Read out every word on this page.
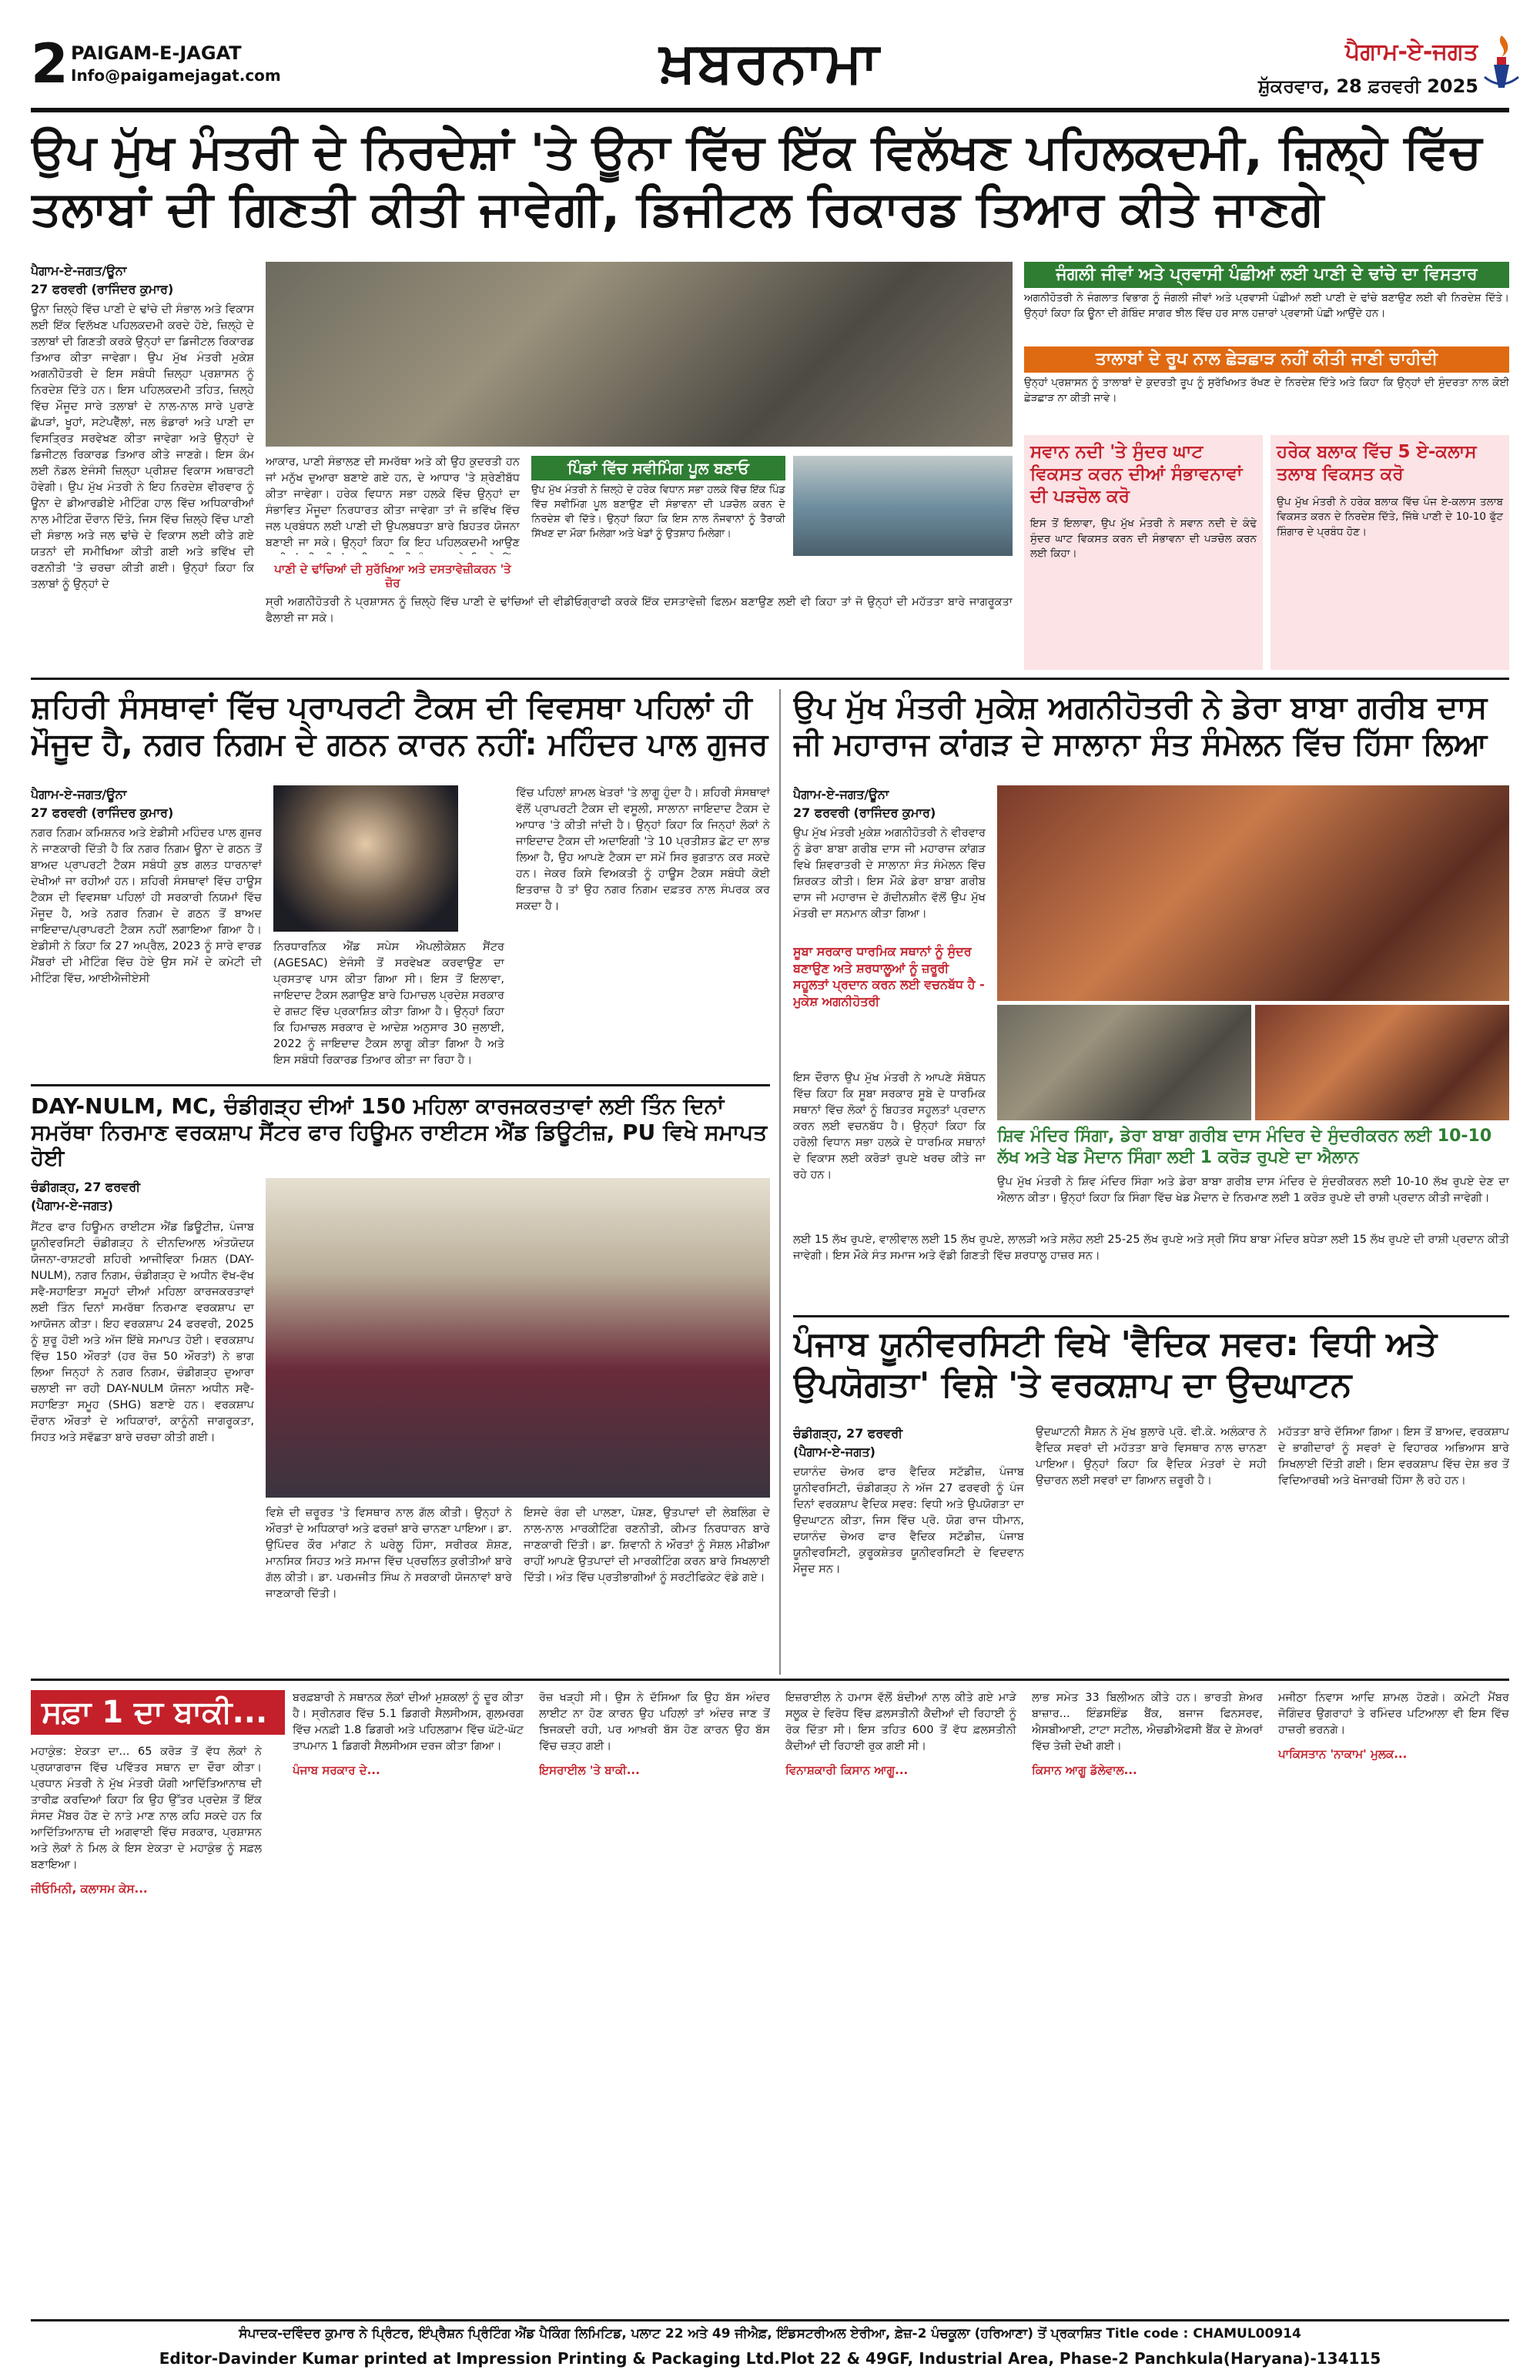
2 PAIGAM-E-JAGAT
Info@paigamejagat.com	ਖ਼ਬਰਨਾਮਾ	ਪੈਗਾਮ-ਏ-ਜਗਤ
ਸ਼ੁੱਕਰਵਾਰ, 28 ਫ਼ਰਵਰੀ 2025
ਉਪ ਮੁੱਖ ਮੰਤਰੀ ਦੇ ਨਿਰਦੇਸ਼ਾਂ 'ਤੇ ਊਨਾ ਵਿੱਚ ਇੱਕ ਵਿਲੱਖਣ ਪਹਿਲਕਦਮੀ, ਜ਼ਿਲ੍ਹੇ ਵਿੱਚ ਤਲਾਬਾਂ ਦੀ ਗਿਣਤੀ ਕੀਤੀ ਜਾਵੇਗੀ, ਡਿਜੀਟਲ ਰਿਕਾਰਡ ਤਿਆਰ ਕੀਤੇ ਜਾਣਗੇ
ਪੈਗਾਮ-ਏ-ਜਗਤ/ਊਨਾ
27 ਫਰਵਰੀ (ਰਾਜਿੰਦਰ ਕੁਮਾਰ)
ਊਨਾ ਜ਼ਿਲ੍ਹੇ ਵਿੱਚ ਪਾਣੀ ਦੇ ਢਾਂਚੇ ਦੀ ਸੰਭਾਲ ਅਤੇ ਵਿਕਾਸ ਲਈ ਇੱਕ ਵਿਲੱਖਣ ਪਹਿਲਕਦਮੀ ਕਰਦੇ ਹੋਏ, ਜ਼ਿਲ੍ਹੇ ਦੇ ਤਲਾਬਾਂ ਦੀ ਗਿਣਤੀ ਕਰਕੇ ਉਨ੍ਹਾਂ ਦਾ ਡਿਜੀਟਲ ਰਿਕਾਰਡ ਤਿਆਰ ਕੀਤਾ ਜਾਵੇਗਾ। ਉਪ ਮੁੱਖ ਮੰਤਰੀ ਮੁਕੇਸ਼ ਅਗਨੀਹੋਤਰੀ ਦੇ ਇਸ ਸਬੰਧੀ ਜ਼ਿਲ੍ਹਾ ਪ੍ਰਸ਼ਾਸਨ ਨੂੰ ਨਿਰਦੇਸ਼ ਦਿੱਤੇ ਹਨ। ਇਸ ਪਹਿਲਕਦਮੀ ਤਹਿਤ, ਜ਼ਿਲ੍ਹੇ ਵਿੱਚ ਮੌਜੂਦ ਸਾਰੇ ਤਲਾਬਾਂ ਦੇ ਨਾਲ-ਨਾਲ ਸਾਰੇ ਪੁਰਾਣੇ ਛੱਪੜਾਂ, ਖੂਹਾਂ, ਸਟੇਪਵੈੱਲਾਂ, ਜਲ ਭੰਡਾਰਾਂ ਅਤੇ ਪਾਣੀ ਦਾ ਵਿਸਤ੍ਰਿਤ ਸਰਵੇਖਣ ਕੀਤਾ ਜਾਵੇਗਾ ਅਤੇ ਉਨ੍ਹਾਂ ਦੇ ਡਿਜੀਟਲ ਰਿਕਾਰਡ ਤਿਆਰ ਕੀਤੇ ਜਾਣਗੇ। ਇਸ ਕੰਮ ਲਈ ਨੋਡਲ ਏਜੰਸੀ ਜ਼ਿਲ੍ਹਾ ਪ੍ਰੀਸ਼ਦ ਵਿਕਾਸ ਅਥਾਰਟੀ ਹੋਵੇਗੀ। ਉਪ ਮੁੱਖ ਮੰਤਰੀ ਨੇ ਇਹ ਨਿਰਦੇਸ਼ ਵੀਰਵਾਰ ਨੂੰ ਊਨਾ ਦੇ ਡੀਆਰਡੀਏ ਮੀਟਿੰਗ ਹਾਲ ਵਿੱਚ ਅਧਿਕਾਰੀਆਂ ਨਾਲ ਮੀਟਿੰਗ ਦੌਰਾਨ ਦਿੱਤੇ, ਜਿਸ ਵਿੱਚ ਜ਼ਿਲ੍ਹੇ ਵਿੱਚ ਪਾਣੀ ਦੀ ਸੰਭਾਲ ਅਤੇ ਜਲ ਢਾਂਚੇ ਦੇ ਵਿਕਾਸ ਲਈ ਕੀਤੇ ਗਏ ਯਤਨਾਂ ਦੀ ਸਮੀਖਿਆ ਕੀਤੀ ਗਈ ਅਤੇ ਭਵਿੱਖ ਦੀ ਰਣਨੀਤੀ 'ਤੇ ਚਰਚਾ ਕੀਤੀ ਗਈ। ਉਨ੍ਹਾਂ ਕਿਹਾ ਕਿ ਤਲਾਬਾਂ ਨੂੰ ਉਨ੍ਹਾਂ ਦੇ
ਆਕਾਰ, ਪਾਣੀ ਸੰਭਾਲਣ ਦੀ ਸਮਰੱਥਾ ਅਤੇ ਕੀ ਉਹ ਕੁਦਰਤੀ ਹਨ ਜਾਂ ਮਨੁੱਖ ਦੁਆਰਾ ਬਣਾਏ ਗਏ ਹਨ, ਦੇ ਆਧਾਰ 'ਤੇ ਸ਼੍ਰੇਣੀਬੱਧ ਕੀਤਾ ਜਾਵੇਗਾ। ਹਰੇਕ ਵਿਧਾਨ ਸਭਾ ਹਲਕੇ ਵਿੱਚ ਉਨ੍ਹਾਂ ਦਾ ਸੰਭਾਵਿਤ ਮੌਜੂਦਾ ਨਿਰਧਾਰਤ ਕੀਤਾ ਜਾਵੇਗਾ ਤਾਂ ਜੋ ਭਵਿੱਖ ਵਿੱਚ ਜਲ ਪ੍ਰਬੰਧਨ ਲਈ ਪਾਣੀ ਦੀ ਉਪਲਬਧਤਾ ਬਾਰੇ ਬਿਹਤਰ ਯੋਜਨਾ ਬਣਾਈ ਜਾ ਸਕੇ। ਉਨ੍ਹਾਂ ਕਿਹਾ ਕਿ ਇਹ ਪਹਿਲਕਦਮੀ ਆਉਣ
ਪਿੰਡਾਂ ਵਿੱਚ ਸਵੀਮਿੰਗ ਪੂਲ ਬਣਾਓ
ਉਪ ਮੁੱਖ ਮੰਤਰੀ ਨੇ ਜ਼ਿਲ੍ਹੇ ਦੇ ਹਰੇਕ ਵਿਧਾਨ ਸਭਾ ਹਲਕੇ ਵਿੱਚ ਇੱਕ ਪਿੰਡ ਵਿੱਚ ਸਵੀਮਿੰਗ ਪੂਲ ਬਣਾਉਣ ਦੀ ਸੰਭਾਵਨਾ ਦੀ ਪੜਚੋਲ ਕਰਨ ਦੇ ਨਿਰਦੇਸ਼ ਵੀ ਦਿੱਤੇ। ਉਨ੍ਹਾਂ ਕਿਹਾ ਕਿ ਇਸ ਨਾਲ ਨੌਜਵਾਨਾਂ ਨੂੰ ਤੈਰਾਕੀ ਸਿੱਖਣ ਦਾ ਮੌਕਾ ਮਿਲੇਗਾ ਅਤੇ ਖੇਡਾਂ ਨੂੰ ਉਤਸ਼ਾਹ ਮਿਲੇਗਾ।
ਪਾਣੀ ਦੇ ਢਾਂਚਿਆਂ ਦੀ ਸੁਰੱਖਿਆ ਅਤੇ ਦਸਤਾਵੇਜ਼ੀਕਰਨ 'ਤੇ ਜ਼ੋਰ
ਸ੍ਰੀ ਅਗਨੀਹੋਤਰੀ ਨੇ ਪ੍ਰਸ਼ਾਸਨ ਨੂੰ ਜ਼ਿਲ੍ਹੇ ਵਿੱਚ ਪਾਣੀ ਦੇ ਢਾਂਚਿਆਂ ਦੀ ਵੀਡੀਓਗ੍ਰਾਫੀ ਕਰਕੇ ਇੱਕ ਦਸਤਾਵੇਜ਼ੀ ਫਿਲਮ ਬਣਾਉਣ ਲਈ ਵੀ ਕਿਹਾ ਤਾਂ ਜੋ ਉਨ੍ਹਾਂ ਦੀ ਮਹੱਤਤਾ ਬਾਰੇ ਜਾਗਰੂਕਤਾ ਫੈਲਾਈ ਜਾ ਸਕੇ।
ਜੰਗਲੀ ਜੀਵਾਂ ਅਤੇ ਪ੍ਰਵਾਸੀ ਪੰਛੀਆਂ ਲਈ ਪਾਣੀ ਦੇ ਢਾਂਚੇ ਦਾ ਵਿਸਤਾਰ
ਅਗਨੀਹੋਤਰੀ ਨੇ ਜੰਗਲਾਤ ਵਿਭਾਗ ਨੂੰ ਜੰਗਲੀ ਜੀਵਾਂ ਅਤੇ ਪ੍ਰਵਾਸੀ ਪੰਛੀਆਂ ਲਈ ਪਾਣੀ ਦੇ ਢਾਂਚੇ ਬਣਾਉਣ ਲਈ ਵੀ ਨਿਰਦੇਸ਼ ਦਿੱਤੇ। ਉਨ੍ਹਾਂ ਕਿਹਾ ਕਿ ਊਨਾ ਦੀ ਗੋਬਿੰਦ ਸਾਗਰ ਝੀਲ ਵਿੱਚ ਹਰ ਸਾਲ ਹਜ਼ਾਰਾਂ ਪ੍ਰਵਾਸੀ ਪੰਛੀ ਆਉਂਦੇ ਹਨ।
ਤਾਲਾਬਾਂ ਦੇ ਰੂਪ ਨਾਲ ਛੇੜਛਾੜ ਨਹੀਂ ਕੀਤੀ ਜਾਣੀ ਚਾਹੀਦੀ
ਉਨ੍ਹਾਂ ਪ੍ਰਸ਼ਾਸਨ ਨੂੰ ਤਾਲਾਬਾਂ ਦੇ ਕੁਦਰਤੀ ਰੂਪ ਨੂੰ ਸੁਰੱਖਿਅਤ ਰੱਖਣ ਦੇ ਨਿਰਦੇਸ਼ ਦਿੱਤੇ ਅਤੇ ਕਿਹਾ ਕਿ ਉਨ੍ਹਾਂ ਦੀ ਸੁੰਦਰਤਾ ਨਾਲ ਕੋਈ ਛੇੜਛਾੜ ਨਾ ਕੀਤੀ ਜਾਵੇ।
ਸਵਾਨ ਨਦੀ 'ਤੇ ਸੁੰਦਰ ਘਾਟ ਵਿਕਸਤ ਕਰਨ ਦੀਆਂ ਸੰਭਾਵਨਾਵਾਂ ਦੀ ਪੜਚੋਲ ਕਰੋ
ਇਸ ਤੋਂ ਇਲਾਵਾ, ਉਪ ਮੁੱਖ ਮੰਤਰੀ ਨੇ ਸਵਾਨ ਨਦੀ ਦੇ ਕੰਢੇ ਸੁੰਦਰ ਘਾਟ ਵਿਕਸਤ ਕਰਨ ਦੀ ਸੰਭਾਵਨਾ ਦੀ ਪੜਚੋਲ ਕਰਨ ਲਈ ਕਿਹਾ।
ਹਰੇਕ ਬਲਾਕ ਵਿੱਚ 5 ਏ-ਕਲਾਸ ਤਲਾਬ ਵਿਕਸਤ ਕਰੋ
ਉਪ ਮੁੱਖ ਮੰਤਰੀ ਨੇ ਹਰੇਕ ਬਲਾਕ ਵਿੱਚ ਪੰਜ ਏ-ਕਲਾਸ ਤਲਾਬ ਵਿਕਸਤ ਕਰਨ ਦੇ ਨਿਰਦੇਸ਼ ਦਿੱਤੇ, ਜਿੱਥੇ ਪਾਣੀ ਦੇ 10-10 ਫੁੱਟ ਸ਼ਿੰਗਾਰ ਦੇ ਪ੍ਰਬੰਧ ਹੋਣ।
ਸ਼ਹਿਰੀ ਸੰਸਥਾਵਾਂ ਵਿੱਚ ਪ੍ਰਾਪਰਟੀ ਟੈਕਸ ਦੀ ਵਿਵਸਥਾ ਪਹਿਲਾਂ ਹੀ ਮੌਜੂਦ ਹੈ, ਨਗਰ ਨਿਗਮ ਦੇ ਗਠਨ ਕਾਰਨ ਨਹੀਂ: ਮਹਿੰਦਰ ਪਾਲ ਗੁਜਰ
ਪੈਗਾਮ-ਏ-ਜਗਤ/ਊਨਾ
27 ਫਰਵਰੀ (ਰਾਜਿੰਦਰ ਕੁਮਾਰ)
ਨਗਰ ਨਿਗਮ ਕਮਿਸ਼ਨਰ ਅਤੇ ਏਡੀਸੀ ਮਹਿੰਦਰ ਪਾਲ ਗੁਜਰ ਨੇ ਜਾਣਕਾਰੀ ਦਿੱਤੀ ਹੈ ਕਿ ਨਗਰ ਨਿਗਮ ਊਨਾ ਦੇ ਗਠਨ ਤੋਂ ਬਾਅਦ ਪ੍ਰਾਪਰਟੀ ਟੈਕਸ ਸਬੰਧੀ ਕੁਝ ਗਲਤ ਧਾਰਨਾਵਾਂ ਦੇਖੀਆਂ ਜਾ ਰਹੀਆਂ ਹਨ। ਸ਼ਹਿਰੀ ਸੰਸਥਾਵਾਂ ਵਿੱਚ ਹਾਊਸ ਟੈਕਸ ਦੀ ਵਿਵਸਥਾ ਪਹਿਲਾਂ ਹੀ ਸਰਕਾਰੀ ਨਿਯਮਾਂ ਵਿੱਚ ਮੌਜੂਦ ਹੈ, ਅਤੇ ਨਗਰ ਨਿਗਮ ਦੇ ਗਠਨ ਤੋਂ ਬਾਅਦ ਜਾਇਦਾਦ/ਪ੍ਰਾਪਰਟੀ ਟੈਕਸ ਨਹੀਂ ਲਗਾਇਆ ਗਿਆ ਹੈ। ਏਡੀਸੀ ਨੇ ਕਿਹਾ ਕਿ 27 ਅਪ੍ਰੈਲ, 2023 ਨੂੰ ਸਾਰੇ ਵਾਰਡ ਮੈਂਬਰਾਂ ਦੀ ਮੀਟਿੰਗ ਵਿੱਚ ਹੋਏ ਉਸ ਸਮੇਂ ਦੇ ਕਮੇਟੀ ਦੀ ਮੀਟਿੰਗ ਵਿੱਚ, ਆਈਐਜੀਏਸੀ
ਨਿਰਧਾਰਨਿਕ ਐਂਡ ਸਪੇਸ ਐਪਲੀਕੇਸ਼ਨ ਸੈਂਟਰ (AGESAC) ਏਜੰਸੀ ਤੋਂ ਸਰਵੇਖਣ ਕਰਵਾਉਣ ਦਾ ਪ੍ਰਸਤਾਵ ਪਾਸ ਕੀਤਾ ਗਿਆ ਸੀ। ਇਸ ਤੋਂ ਇਲਾਵਾ, ਜਾਇਦਾਦ ਟੈਕਸ ਲਗਾਉਣ ਬਾਰੇ ਹਿਮਾਚਲ ਪ੍ਰਦੇਸ਼ ਸਰਕਾਰ ਦੇ ਗਜ਼ਟ ਵਿੱਚ ਪ੍ਰਕਾਸ਼ਿਤ ਕੀਤਾ ਗਿਆ ਹੈ। ਉਨ੍ਹਾਂ ਕਿਹਾ ਕਿ ਹਿਮਾਚਲ ਸਰਕਾਰ ਦੇ ਆਦੇਸ਼ ਅਨੁਸਾਰ 30 ਜੁਲਾਈ, 2022 ਨੂੰ ਜਾਇਦਾਦ ਟੈਕਸ ਲਾਗੂ ਕੀਤਾ ਗਿਆ ਹੈ ਅਤੇ ਇਸ ਸਬੰਧੀ ਰਿਕਾਰਡ ਤਿਆਰ ਕੀਤਾ ਜਾ ਰਿਹਾ ਹੈ।
ਵਿੱਚ ਪਹਿਲਾਂ ਸ਼ਾਮਲ ਖੇਤਰਾਂ 'ਤੇ ਲਾਗੂ ਹੁੰਦਾ ਹੈ। ਸ਼ਹਿਰੀ ਸੰਸਥਾਵਾਂ ਵੱਲੋਂ ਪ੍ਰਾਪਰਟੀ ਟੈਕਸ ਦੀ ਵਸੂਲੀ, ਸਾਲਾਨਾ ਜਾਇਦਾਦ ਟੈਕਸ ਦੇ ਆਧਾਰ 'ਤੇ ਕੀਤੀ ਜਾਂਦੀ ਹੈ। ਉਨ੍ਹਾਂ ਕਿਹਾ ਕਿ ਜਿਨ੍ਹਾਂ ਲੋਕਾਂ ਨੇ ਜਾਇਦਾਦ ਟੈਕਸ ਦੀ ਅਦਾਇਗੀ 'ਤੇ 10 ਪ੍ਰਤੀਸ਼ਤ ਛੋਟ ਦਾ ਲਾਭ ਲਿਆ ਹੈ, ਉਹ ਆਪਣੇ ਟੈਕਸ ਦਾ ਸਮੇਂ ਸਿਰ ਭੁਗਤਾਨ ਕਰ ਸਕਦੇ ਹਨ। ਜੇਕਰ ਕਿਸੇ ਵਿਅਕਤੀ ਨੂੰ ਹਾਊਸ ਟੈਕਸ ਸਬੰਧੀ ਕੋਈ ਇਤਰਾਜ਼ ਹੈ ਤਾਂ ਉਹ ਨਗਰ ਨਿਗਮ ਦਫ਼ਤਰ ਨਾਲ ਸੰਪਰਕ ਕਰ ਸਕਦਾ ਹੈ।
DAY-NULM, MC, ਚੰਡੀਗੜ੍ਹ ਦੀਆਂ 150 ਮਹਿਲਾ ਕਾਰਜਕਰਤਾਵਾਂ ਲਈ ਤਿੰਨ ਦਿਨਾਂ ਸਮਰੱਥਾ ਨਿਰਮਾਣ ਵਰਕਸ਼ਾਪ ਸੈਂਟਰ ਫਾਰ ਹਿਊਮਨ ਰਾਈਟਸ ਐਂਡ ਡਿਊਟੀਜ਼, PU ਵਿਖੇ ਸਮਾਪਤ ਹੋਈ
ਚੰਡੀਗੜ੍ਹ, 27 ਫਰਵਰੀ
(ਪੈਗਾਮ-ਏ-ਜਗਤ)
ਸੈਂਟਰ ਫਾਰ ਹਿਊਮਨ ਰਾਈਟਸ ਐਂਡ ਡਿਊਟੀਜ਼, ਪੰਜਾਬ ਯੂਨੀਵਰਸਿਟੀ ਚੰਡੀਗੜ੍ਹ ਨੇ ਦੀਨਦਿਆਲ ਅੰਤਯੋਦਯ ਯੋਜਨਾ-ਰਾਸ਼ਟਰੀ ਸ਼ਹਿਰੀ ਆਜੀਵਿਕਾ ਮਿਸ਼ਨ (DAY-NULM), ਨਗਰ ਨਿਗਮ, ਚੰਡੀਗੜ੍ਹ ਦੇ ਅਧੀਨ ਵੱਖ-ਵੱਖ ਸਵੈ-ਸਹਾਇਤਾ ਸਮੂਹਾਂ ਦੀਆਂ ਮਹਿਲਾ ਕਾਰਜਕਰਤਾਵਾਂ ਲਈ ਤਿੰਨ ਦਿਨਾਂ ਸਮਰੱਥਾ ਨਿਰਮਾਣ ਵਰਕਸ਼ਾਪ ਦਾ ਆਯੋਜਨ ਕੀਤਾ। ਇਹ ਵਰਕਸ਼ਾਪ 24 ਫਰਵਰੀ, 2025 ਨੂੰ ਸ਼ੁਰੂ ਹੋਈ ਅਤੇ ਅੱਜ ਇੱਥੇ ਸਮਾਪਤ ਹੋਈ। ਵਰਕਸ਼ਾਪ ਵਿੱਚ 150 ਔਰਤਾਂ (ਹਰ ਰੋਜ਼ 50 ਔਰਤਾਂ) ਨੇ ਭਾਗ ਲਿਆ ਜਿਨ੍ਹਾਂ ਨੇ ਨਗਰ ਨਿਗਮ, ਚੰਡੀਗੜ੍ਹ ਦੁਆਰਾ ਚਲਾਈ ਜਾ ਰਹੀ DAY-NULM ਯੋਜਨਾ ਅਧੀਨ ਸਵੈ-ਸਹਾਇਤਾ ਸਮੂਹ (SHG) ਬਣਾਏ ਹਨ। ਵਰਕਸ਼ਾਪ ਦੌਰਾਨ ਔਰਤਾਂ ਦੇ ਅਧਿਕਾਰਾਂ, ਕਾਨੂੰਨੀ ਜਾਗਰੂਕਤਾ, ਸਿਹਤ ਅਤੇ ਸਵੱਛਤਾ ਬਾਰੇ ਚਰਚਾ ਕੀਤੀ ਗਈ।
ਵਿਸ਼ੇ ਦੀ ਜ਼ਰੂਰਤ 'ਤੇ ਵਿਸਥਾਰ ਨਾਲ ਗੱਲ ਕੀਤੀ। ਉਨ੍ਹਾਂ ਨੇ ਔਰਤਾਂ ਦੇ ਅਧਿਕਾਰਾਂ ਅਤੇ ਫਰਜ਼ਾਂ ਬਾਰੇ ਚਾਨਣਾ ਪਾਇਆ। ਡਾ. ਉਪਿੰਦਰ ਕੌਰ ਮਾਂਗਟ ਨੇ ਘਰੇਲੂ ਹਿੰਸਾ, ਸਰੀਰਕ ਸ਼ੋਸ਼ਣ, ਮਾਨਸਿਕ ਸਿਹਤ ਅਤੇ ਸਮਾਜ ਵਿੱਚ ਪ੍ਰਚਲਿਤ ਕੁਰੀਤੀਆਂ ਬਾਰੇ ਗੱਲ ਕੀਤੀ। ਡਾ. ਪਰਮਜੀਤ ਸਿੰਘ ਨੇ ਸਰਕਾਰੀ ਯੋਜਨਾਵਾਂ ਬਾਰੇ ਜਾਣਕਾਰੀ ਦਿੱਤੀ।
ਇਸਦੇ ਰੰਗ ਦੀ ਪਾਲਣਾ, ਪੋਸ਼ਣ, ਉਤਪਾਦਾਂ ਦੀ ਲੇਬਲਿੰਗ ਦੇ ਨਾਲ-ਨਾਲ ਮਾਰਕੀਟਿੰਗ ਰਣਨੀਤੀ, ਕੀਮਤ ਨਿਰਧਾਰਨ ਬਾਰੇ ਜਾਣਕਾਰੀ ਦਿੱਤੀ। ਡਾ. ਸ਼ਿਵਾਨੀ ਨੇ ਔਰਤਾਂ ਨੂੰ ਸੋਸ਼ਲ ਮੀਡੀਆ ਰਾਹੀਂ ਆਪਣੇ ਉਤਪਾਦਾਂ ਦੀ ਮਾਰਕੀਟਿੰਗ ਕਰਨ ਬਾਰੇ ਸਿਖਲਾਈ ਦਿੱਤੀ। ਅੰਤ ਵਿੱਚ ਪ੍ਰਤੀਭਾਗੀਆਂ ਨੂੰ ਸਰਟੀਫਿਕੇਟ ਵੰਡੇ ਗਏ।
ਉਪ ਮੁੱਖ ਮੰਤਰੀ ਮੁਕੇਸ਼ ਅਗਨੀਹੋਤਰੀ ਨੇ ਡੇਰਾ ਬਾਬਾ ਗਰੀਬ ਦਾਸ ਜੀ ਮਹਾਰਾਜ ਕਾਂਗੜ ਦੇ ਸਾਲਾਨਾ ਸੰਤ ਸੰਮੇਲਨ ਵਿੱਚ ਹਿੱਸਾ ਲਿਆ
ਪੈਗਾਮ-ਏ-ਜਗਤ/ਊਨਾ
27 ਫਰਵਰੀ (ਰਾਜਿੰਦਰ ਕੁਮਾਰ)
ਉਪ ਮੁੱਖ ਮੰਤਰੀ ਮੁਕੇਸ਼ ਅਗਨੀਹੋਤਰੀ ਨੇ ਵੀਰਵਾਰ ਨੂੰ ਡੇਰਾ ਬਾਬਾ ਗਰੀਬ ਦਾਸ ਜੀ ਮਹਾਰਾਜ ਕਾਂਗੜ ਵਿਖੇ ਸ਼ਿਵਰਾਤਰੀ ਦੇ ਸਾਲਾਨਾ ਸੰਤ ਸੰਮੇਲਨ ਵਿੱਚ ਸ਼ਿਰਕਤ ਕੀਤੀ। ਇਸ ਮੌਕੇ ਡੇਰਾ ਬਾਬਾ ਗਰੀਬ ਦਾਸ ਜੀ ਮਹਾਰਾਜ ਦੇ ਗੱਦੀਨਸ਼ੀਨ ਵੱਲੋਂ ਉਪ ਮੁੱਖ ਮੰਤਰੀ ਦਾ ਸਨਮਾਨ ਕੀਤਾ ਗਿਆ।
ਸੂਬਾ ਸਰਕਾਰ ਧਾਰਮਿਕ ਸਥਾਨਾਂ ਨੂੰ ਸੁੰਦਰ ਬਣਾਉਣ ਅਤੇ ਸ਼ਰਧਾਲੂਆਂ ਨੂੰ ਜ਼ਰੂਰੀ ਸਹੂਲਤਾਂ ਪ੍ਰਦਾਨ ਕਰਨ ਲਈ ਵਚਨਬੱਧ ਹੈ - ਮੁਕੇਸ਼ ਅਗਨੀਹੋਤਰੀ
ਇਸ ਦੌਰਾਨ ਉਪ ਮੁੱਖ ਮੰਤਰੀ ਨੇ ਆਪਣੇ ਸੰਬੋਧਨ ਵਿੱਚ ਕਿਹਾ ਕਿ ਸੂਬਾ ਸਰਕਾਰ ਸੂਬੇ ਦੇ ਧਾਰਮਿਕ ਸਥਾਨਾਂ ਵਿੱਚ ਲੋਕਾਂ ਨੂੰ ਬਿਹਤਰ ਸਹੂਲਤਾਂ ਪ੍ਰਦਾਨ ਕਰਨ ਲਈ ਵਚਨਬੱਧ ਹੈ। ਉਨ੍ਹਾਂ ਕਿਹਾ ਕਿ ਹਰੋਲੀ ਵਿਧਾਨ ਸਭਾ ਹਲਕੇ ਦੇ ਧਾਰਮਿਕ ਸਥਾਨਾਂ ਦੇ ਵਿਕਾਸ ਲਈ ਕਰੋੜਾਂ ਰੁਪਏ ਖਰਚ ਕੀਤੇ ਜਾ ਰਹੇ ਹਨ।
ਸ਼ਿਵ ਮੰਦਿਰ ਸਿੰਗਾ, ਡੇਰਾ ਬਾਬਾ ਗਰੀਬ ਦਾਸ ਮੰਦਿਰ ਦੇ ਸੁੰਦਰੀਕਰਨ ਲਈ 10-10 ਲੱਖ ਅਤੇ ਖੇਡ ਮੈਦਾਨ ਸਿੰਗਾ ਲਈ 1 ਕਰੋੜ ਰੁਪਏ ਦਾ ਐਲਾਨ
ਉਪ ਮੁੱਖ ਮੰਤਰੀ ਨੇ ਸ਼ਿਵ ਮੰਦਿਰ ਸਿੰਗਾ ਅਤੇ ਡੇਰਾ ਬਾਬਾ ਗਰੀਬ ਦਾਸ ਮੰਦਿਰ ਦੇ ਸੁੰਦਰੀਕਰਨ ਲਈ 10-10 ਲੱਖ ਰੁਪਏ ਦੇਣ ਦਾ ਐਲਾਨ ਕੀਤਾ। ਉਨ੍ਹਾਂ ਕਿਹਾ ਕਿ ਸਿੰਗਾ ਵਿੱਚ ਖੇਡ ਮੈਦਾਨ ਦੇ ਨਿਰਮਾਣ ਲਈ 1 ਕਰੋੜ ਰੁਪਏ ਦੀ ਰਾਸ਼ੀ ਪ੍ਰਦਾਨ ਕੀਤੀ ਜਾਵੇਗੀ।
ਲਈ 15 ਲੱਖ ਰੁਪਏ, ਵਾਲੀਵਾਲ ਲਈ 15 ਲੱਖ ਰੁਪਏ, ਲਾਲੜੀ ਅਤੇ ਸਲੋਹ ਲਈ 25-25 ਲੱਖ ਰੁਪਏ ਅਤੇ ਸ੍ਰੀ ਸਿੱਧ ਬਾਬਾ ਮੰਦਿਰ ਬਧੇੜਾ ਲਈ 15 ਲੱਖ ਰੁਪਏ ਦੀ ਰਾਸ਼ੀ ਪ੍ਰਦਾਨ ਕੀਤੀ ਜਾਵੇਗੀ। ਇਸ ਮੌਕੇ ਸੰਤ ਸਮਾਜ ਅਤੇ ਵੱਡੀ ਗਿਣਤੀ ਵਿੱਚ ਸ਼ਰਧਾਲੂ ਹਾਜ਼ਰ ਸਨ।
ਪੰਜਾਬ ਯੂਨੀਵਰਸਿਟੀ ਵਿਖੇ 'ਵੈਦਿਕ ਸਵਰ: ਵਿਧੀ ਅਤੇ ਉਪਯੋਗਤਾ' ਵਿਸ਼ੇ 'ਤੇ ਵਰਕਸ਼ਾਪ ਦਾ ਉਦਘਾਟਨ
ਚੰਡੀਗੜ੍ਹ, 27 ਫਰਵਰੀ
(ਪੈਗਾਮ-ਏ-ਜਗਤ)
ਦਯਾਨੰਦ ਚੇਅਰ ਫਾਰ ਵੈਦਿਕ ਸਟੱਡੀਜ਼, ਪੰਜਾਬ ਯੂਨੀਵਰਸਿਟੀ, ਚੰਡੀਗੜ੍ਹ ਨੇ ਅੱਜ 27 ਫਰਵਰੀ ਨੂੰ ਪੰਜ ਦਿਨਾਂ ਵਰਕਸ਼ਾਪ ਵੈਦਿਕ ਸਵਰ: ਵਿਧੀ ਅਤੇ ਉਪਯੋਗਤਾ ਦਾ ਉਦਘਾਟਨ ਕੀਤਾ, ਜਿਸ ਵਿੱਚ ਪ੍ਰੋ. ਯੋਗ ਰਾਜ ਧੀਮਾਨ, ਦਯਾਨੰਦ ਚੇਅਰ ਫਾਰ ਵੈਦਿਕ ਸਟੱਡੀਜ਼, ਪੰਜਾਬ ਯੂਨੀਵਰਸਿਟੀ, ਕੁਰੂਕਸ਼ੇਤਰ ਯੂਨੀਵਰਸਿਟੀ ਦੇ ਵਿਦਵਾਨ ਮੌਜੂਦ ਸਨ।
ਉਦਘਾਟਨੀ ਸੈਸ਼ਨ ਨੇ ਮੁੱਖ ਬੁਲਾਰੇ ਪ੍ਰੋ. ਵੀ.ਕੇ. ਅਲੰਕਾਰ ਨੇ ਵੈਦਿਕ ਸਵਰਾਂ ਦੀ ਮਹੱਤਤਾ ਬਾਰੇ ਵਿਸਥਾਰ ਨਾਲ ਚਾਨਣਾ ਪਾਇਆ। ਉਨ੍ਹਾਂ ਕਿਹਾ ਕਿ ਵੈਦਿਕ ਮੰਤਰਾਂ ਦੇ ਸਹੀ ਉਚਾਰਨ ਲਈ ਸਵਰਾਂ ਦਾ ਗਿਆਨ ਜ਼ਰੂਰੀ ਹੈ।
ਮਹੱਤਤਾ ਬਾਰੇ ਦੱਸਿਆ ਗਿਆ। ਇਸ ਤੋਂ ਬਾਅਦ, ਵਰਕਸ਼ਾਪ ਦੇ ਭਾਗੀਦਾਰਾਂ ਨੂੰ ਸਵਰਾਂ ਦੇ ਵਿਹਾਰਕ ਅਭਿਆਸ ਬਾਰੇ ਸਿਖਲਾਈ ਦਿੱਤੀ ਗਈ। ਇਸ ਵਰਕਸ਼ਾਪ ਵਿੱਚ ਦੇਸ਼ ਭਰ ਤੋਂ ਵਿਦਿਆਰਥੀ ਅਤੇ ਖੋਜਾਰਥੀ ਹਿੱਸਾ ਲੈ ਰਹੇ ਹਨ।
ਸਫ਼ਾ 1 ਦਾ ਬਾਕੀ...
ਮਹਾਕੁੰਭ: ਏਕਤਾ ਦਾ... 65 ਕਰੋੜ ਤੋਂ ਵੱਧ ਲੋਕਾਂ ਨੇ ਪ੍ਰਯਾਗਰਾਜ ਵਿੱਚ ਪਵਿੱਤਰ ਸਥਾਨ ਦਾ ਦੌਰਾ ਕੀਤਾ। ਪ੍ਰਧਾਨ ਮੰਤਰੀ ਨੇ ਮੁੱਖ ਮੰਤਰੀ ਯੋਗੀ ਆਦਿੱਤਿਆਨਾਥ ਦੀ ਤਾਰੀਫ਼ ਕਰਦਿਆਂ ਕਿਹਾ ਕਿ ਉਹ ਉੱਤਰ ਪ੍ਰਦੇਸ਼ ਤੋਂ ਇੱਕ ਸੰਸਦ ਮੈਂਬਰ ਹੋਣ ਦੇ ਨਾਤੇ ਮਾਣ ਨਾਲ ਕਹਿ ਸਕਦੇ ਹਨ ਕਿ ਆਦਿੱਤਿਆਨਾਥ ਦੀ ਅਗਵਾਈ ਵਿੱਚ ਸਰਕਾਰ, ਪ੍ਰਸ਼ਾਸਨ ਅਤੇ ਲੋਕਾਂ ਨੇ ਮਿਲ ਕੇ ਇਸ ਏਕਤਾ ਦੇ ਮਹਾਕੁੰਭ ਨੂੰ ਸਫ਼ਲ ਬਣਾਇਆ।
ਜੀਓਮਿਨੀ, ਕਲਾਸਮ ਕੇਸ...
ਬਰਫ਼ਬਾਰੀ ਨੇ ਸਥਾਨਕ ਲੋਕਾਂ ਦੀਆਂ ਮੁਸ਼ਕਲਾਂ ਨੂੰ ਦੂਰ ਕੀਤਾ ਹੈ। ਸ੍ਰੀਨਗਰ ਵਿੱਚ 5.1 ਡਿਗਰੀ ਸੈਲਸੀਅਸ, ਗੁਲਮਰਗ ਵਿੱਚ ਮਨਫ਼ੀ 1.8 ਡਿਗਰੀ ਅਤੇ ਪਹਿਲਗਾਮ ਵਿੱਚ ਘੱਟੋ-ਘੱਟ ਤਾਪਮਾਨ 1 ਡਿਗਰੀ ਸੈਲਸੀਅਸ ਦਰਜ ਕੀਤਾ ਗਿਆ।
ਪੰਜਾਬ ਸਰਕਾਰ ਦੇ...
ਰੋਜ਼ ਖੜ੍ਹੀ ਸੀ। ਉਸ ਨੇ ਦੱਸਿਆ ਕਿ ਉਹ ਬੱਸ ਅੰਦਰ ਲਾਈਟ ਨਾ ਹੋਣ ਕਾਰਨ ਉਹ ਪਹਿਲਾਂ ਤਾਂ ਅੰਦਰ ਜਾਣ ਤੋਂ ਝਿਜਕਦੀ ਰਹੀ, ਪਰ ਆਖ਼ਰੀ ਬੱਸ ਹੋਣ ਕਾਰਨ ਉਹ ਬੱਸ ਵਿੱਚ ਚੜ੍ਹ ਗਈ।
ਇਸਰਾਈਲ 'ਤੇ ਬਾਕੀ...
ਇਜ਼ਰਾਈਲ ਨੇ ਹਮਾਸ ਵੱਲੋਂ ਬੰਦੀਆਂ ਨਾਲ ਕੀਤੇ ਗਏ ਮਾੜੇ ਸਲੂਕ ਦੇ ਵਿਰੋਧ ਵਿੱਚ ਫ਼ਲਸਤੀਨੀ ਕੈਦੀਆਂ ਦੀ ਰਿਹਾਈ ਨੂੰ ਰੋਕ ਦਿੱਤਾ ਸੀ। ਇਸ ਤਹਿਤ 600 ਤੋਂ ਵੱਧ ਫ਼ਲਸਤੀਨੀ ਕੈਦੀਆਂ ਦੀ ਰਿਹਾਈ ਰੁਕ ਗਈ ਸੀ।
ਵਿਨਾਸ਼ਕਾਰੀ ਕਿਸਾਨ ਆਗੂ...
ਲਾਭ ਸਮੇਤ 33 ਬਿਲੀਅਨ ਕੀਤੇ ਹਨ। ਭਾਰਤੀ ਸ਼ੇਅਰ ਬਾਜ਼ਾਰ... ਇੰਡਸਇੰਡ ਬੈਂਕ, ਬਜਾਜ ਫਿਨਸਰਵ, ਐਸਬੀਆਈ, ਟਾਟਾ ਸਟੀਲ, ਐਚਡੀਐਫਸੀ ਬੈਂਕ ਦੇ ਸ਼ੇਅਰਾਂ ਵਿੱਚ ਤੇਜ਼ੀ ਦੇਖੀ ਗਈ।
ਕਿਸਾਨ ਆਗੂ ਡੱਲੇਵਾਲ...
ਮਜੀਠਾ ਨਿਵਾਸ ਆਦਿ ਸ਼ਾਮਲ ਹੋਣਗੇ। ਕਮੇਟੀ ਮੈਂਬਰ ਜੋਗਿੰਦਰ ਉਗਰਾਹਾਂ ਤੇ ਰਮਿੰਦਰ ਪਟਿਆਲਾ ਵੀ ਇਸ ਵਿੱਚ ਹਾਜ਼ਰੀ ਭਰਨਗੇ।
ਪਾਕਿਸਤਾਨ 'ਨਾਕਾਮ' ਮੁਲਕ...
ਸੰਪਾਦਕ-ਦਵਿੰਦਰ ਕੁਮਾਰ ਨੇ ਪ੍ਰਿੰਟਰ, ਇੰਪ੍ਰੈਸ਼ਨ ਪ੍ਰਿੰਟਿੰਗ ਐਂਡ ਪੈਕਿੰਗ ਲਿਮਿਟਿਡ, ਪਲਾਟ 22 ਅਤੇ 49 ਜੀਐਫ਼, ਇੰਡਸਟਰੀਅਲ ਏਰੀਆ, ਫ਼ੇਜ਼-2 ਪੰਚਕੂਲਾ (ਹਰਿਆਣਾ) ਤੋਂ ਪ੍ਰਕਾਸ਼ਿਤ Title code : CHAMUL00914
Editor-Davinder Kumar printed at Impression Printing & Packaging Ltd.Plot 22 & 49GF, Industrial Area, Phase-2 Panchkula(Haryana)-134115
